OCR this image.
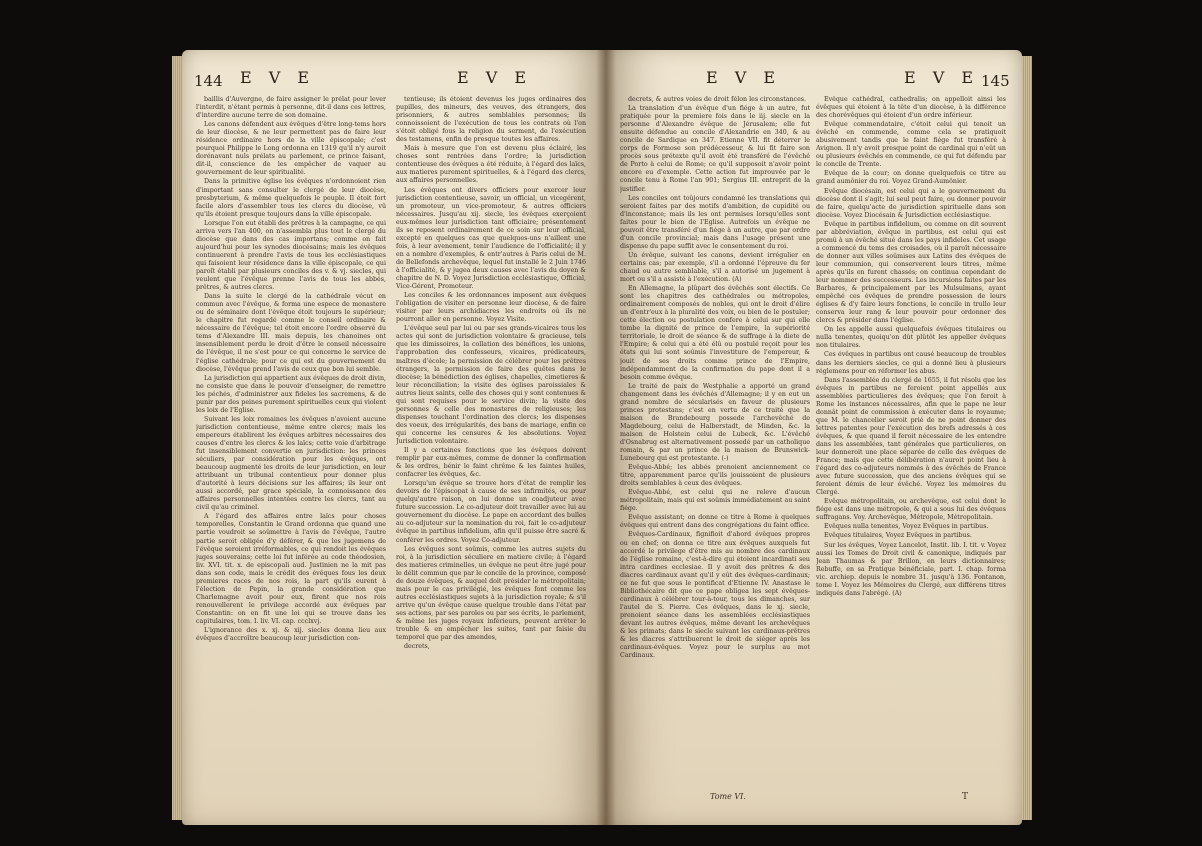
144 E V E	E V E

baillis d'Auvergne, de faire assigner le prélat pour lever l'interdit, n'étant permis à personne, dit-il dans ces lettres, d'interdire aucune terre de son domaine.

Les canons défendent aux évêques d'être long-tems hors de leur diocèse, & ne leur permettent pas de faire leur résidence ordinaire hors de la ville épiscopale; c'est pourquoi Philippe le Long ordonna en 1319 qu'il n'y auroit dorénavant nuls prélats au parlement, ce prince faisant, dit-il, conscience de les empêcher de vaquer au gouvernement de leur spiritualité.

Dans la primitive église les évêques n'ordonnoient rien d'important sans consulter le clergé de leur diocèse, presbyterium, & même quelquefois le peuple. Il étoit fort facile alors d'assembler tous les clercs du diocèse, vû qu'ils étoient presque toujours dans la ville épiscopale.

Lorsque l'on eut établi des prêtres à la campagne, ce qui arriva vers l'an 400, on n'assembla plus tout le clergé du diocèse que dans des cas importans; comme on fait aujourd'hui pour les synodes diocésains; mais les évêques continuerent à prendre l'avis de tous les ecclésiastiques qui faisoient leur résidence dans la ville épiscopale, ce qui paroît établi par plusieurs conciles des v. & vj. siecles, qui veulent que l'évêque prenne l'avis de tous les abbés, prêtres, & autres clercs.

Dans la suite le clergé de la cathédrale vécut en commun avec l'évêque, & forma une espece de monastere ou de séminaire dont l'évêque étoit toujours le supérieur; le chapitre fut regardé comme le conseil ordinaire & nécessaire de l'évêque; tel étoit encore l'ordre observé du tems d'Alexandre III. mais depuis, les chanoines ont insensiblement perdu le droit d'être le conseil nécessaire de l'évêque, il ne s'est pour ce qui concerne le service de l'église cathédrale; pour ce qui est du gouvernement du diocèse, l'évêque prend l'avis de ceux que bon lui semble.

La jurisdiction qui appartient aux évêques de droit divin, ne consiste que dans le pouvoir d'enseigner, de remettre les péchés, d'administrer aux fideles les sacremens, & de punir par des peines purement spirituelles ceux qui violent les loix de l'Eglise.

Suivant les loix romaines les évêques n'avoient aucune jurisdiction contentieuse, même entre clercs; mais les empereurs établirent les évêques arbitres nécessaires des causes d'entre les clercs & les laïcs; cette voie d'arbitrage fut insensiblement convertie en jurisdiction: les princes séculiers, par considération pour les évêques, ont beaucoup augmenté les droits de leur jurisdiction, en leur attribuant un tribunal contentieux pour donner plus d'autorité à leurs décisions sur les affaires; ils leur ont aussi accordé, par grace spéciale, la connoissance des affaires personnelles intentées contre les clercs, tant au civil qu'au criminel.

A l'égard des affaires entre laïcs pour choses temporelles, Constantin le Grand ordonna que quand une partie voudroit se soûmettre à l'avis de l'évêque, l'autre partie seroit obligée d'y déférer, & que les jugemens de l'évêque seroient irréformables, ce qui rendoit les évêques juges souverains; cette loi fut inférée au code théodosien, liv. XVI. tit. x. de episcopali aud. Justinien ne la mit pas dans son code, mais le crédit des évêques fous les deux premieres races de nos rois, la part qu'ils eurent à l'élection de Pepin, la grande considération que Charlemagne avoit pour eux, firent que nos rois renouvellerent le privilege accordé aux évêques par Constantin: on en fit une loi qui se trouve dans les capitulaires, tom. I. liv. VI. cap. ccclxvj.

L'ignorance des x. xj. & xij. siecles donna lieu aux évêques d'accroître beaucoup leur jurisdiction con-

tentieuse; ils étoient devenus les juges ordinaires des pupilles, des mineurs, des veuves, des étrangers, des prisonniers, & autres semblables personnes; ils connoissoient de l'exécution de tous les contrats où l'on s'étoit obligé fous la religion du serment, de l'exécution des testamens, enfin de presque toutes les affaires.

Mais à mesure que l'on est devenu plus éclairé, les choses sont rentrées dans l'ordre; la jurisdiction contentieuse des évêques a été réduite, à l'égard des laïcs, aux matieres purement spirituelles, & à l'égard des clercs, aux affaires personnelles.

Les évêques ont divers officiers pour exercer leur jurisdiction contentieuse, savoir, un official, un vicegérent, un promoteur, un vice-promoteur, & autres officiers nécessaires. Jusqu'au xij. siecle, les évêques exerçoient eux-mêmes leur jurisdiction tant officiaire; présentement ils se reposent ordinairement de ce soin sur leur official, excepté en quelques cas que quelques-uns n'aillent une fois, à leur avenement, tenir l'audience de l'officialité; il y en a nombre d'exemples, & entr'autres à Paris celui de M. de Bellefonds archevêque, lequel fut installé le 2 Juin 1746 à l'officialité, & y jugea deux causes avec l'avis du doyen & chapitre de N. D. Voyez Jurisdiction ecclésiastique, Official, Vice-Gérent, Promoteur.

Les conciles & les ordonnances imposent aux évêques l'obligation de visiter en personne leur diocèse, & de faire visiter par leurs archidiacres les endroits où ils ne pourront aller en personne. Voyez Visite.

L'évêque seul par lui ou par ses grands-vicaires tous les actes qui sont de jurisdiction volontaire & gracieuse, tels que les dimissoires, la collation des bénéfices, les unions, l'approbation des confesseurs, vicaires, prédicateurs, maîtres d'école; la permission de célébrer pour les prêtres étrangers, la permission de faire des quêtes dans le diocèse; la bénédiction des églises, chapelles, cimetieres & leur réconciliation; la visite des églises paroissiales & autres lieux saints, celle des choses qui y sont contenues & qui sont requises pour le service divin; la visite des personnes & celle des monasteres de religieuses; les dispenses touchant l'ordination des clercs; les dispenses des voeux, des irrégularités, des bans de mariage, enfin ce qui concerne les censures & les absolutions. Voyez Jurisdiction volontaire.

Il y a certaines fonctions que les évêques doivent remplir par eux-mêmes, comme de donner la confirmation & les ordres, bénir le faint chrême & les faintes huiles, confacrer les évêques, &c.

Lorsqu'un évêque se trouve hors d'état de remplir les devoirs de l'épiscopat à cause de ses infirmités, ou pour quelqu'autre raison, on lui donne un coadjuteur avec future succession. Le co-adjuteur doit travailler avec lui au gouvernement du diocèse. Le pape en accordant des bulles au co-adjuteur sur la nomination du roi, fait le co-adjuteur évêque in partibus infidelium, afin qu'il puisse être sacré & conférer les ordres. Voyez Co-adjuteur.

Les évêques sont soûmis, comme les autres sujets du roi, à la jurisdiction séculiere en matiere civile; à l'égard des matieres criminelles, un évêque ne peut être jugé pour le délit commun que par le concile de la province, composé de douze évêques, & auquel doit présider le métropolitain; mais pour le cas privilégié, les évêques font comme les autres ecclésiastiques sujets à la jurisdiction royale; & s'il arrive qu'un évêque cause quelque trouble dans l'état par ses actions, par ses paroles ou par ses écrits, le parlement, & même les juges royaux inférieurs, peuvent arrêter le trouble & en empêcher les suites, tant par faisie du temporel que par des amendes,

decrets,

E V E	E V E 145

decrets, & autres voies de droit félon les circonstances.

La translation d'un évêque d'un fiége à un autre, fut pratiquée pour la premiere fois dans le iij. siecle en la personne d'Alexandre évêque de Jérusalem; elle fut ensuite défendue au concile d'Alexandrie en 340, & au concile de Sardique en 347. Etienne VII. fit déterrer le corps de Formose son prédécesseur, & lui fit faire son procès sous prétexte qu'il avoit été transféré de l'évêché de Porto à celui de Rome; ce qu'il supposoit n'avoir point encore eu d'exemple. Cette action fut improuvée par le concile tenu à Rome l'an 901; Sergius III. entreprit de la justifier.

Les conciles ont toûjours condamné les translations qui seroient faites par des motifs d'ambition, de cupidité ou d'inconstance; mais ils les ont permises lorsqu'elles sont faites pour le bien de l'Eglise. Autrefois un évêque ne pouvoit être transféré d'un fiége à un autre, que par ordre d'un concile provincial; mais dans l'usage présent une dispense du pape suffit avec le consentement du roi.

Un évêque, suivant les canons, devient irrégulier en certains cas; par exemple, s'il a ordonné l'épreuve du fer chaud ou autre semblable, s'il a autorisé un jugement à mort ou s'il a assisté à l'exécution. (A)

En Allemagne, la plûpart des évêchés sont électifs. Ce sont les chapitres des cathédrales ou métropoles, ordinairement composés de nobles, qui ont le droit d'élire un d'entr'eux à la pluralité des voix, ou bien de le postuler; cette élection ou postulation confere à celui sur qui elle tombe la dignité de prince de l'empire, la supériorité territoriale, le droit de séance & de suffrage à la diete de l'Empire; & celui qui a été élû ou postulé reçoit pour les états qui lui sont soûmis l'investiture de l'empereur, & jouit de ses droits comme prince de l'Empire, indépendamment de la confirmation du pape dont il a besoin comme évêque.

Le traité de paix de Westphalie a apporté un grand changement dans les évêchés d'Allemagne; il y en eut un grand nombre de sécularisés en faveur de plusieurs princes protestans; c'est en vertu de ce traité que la maison de Brandebourg possede l'archevêché de Magdebourg, celui de Halberstadt, de Minden, &c. la maison de Holstein celui de Lubeck, &c. L'évêché d'Osnabrug est alternativement possedé par un catholique romain, & par un prince de la maison de Brunswick-Lunebourg qui est protestante. (-)

Evêque-Abbé; les abbés prenoient anciennement ce titre, apparemment parce qu'ils jouissoient de plusieurs droits semblables à ceux des évêques.

Evêque-Abbé, est celui qui ne releve d'aucun métropolitain, mais qui est soûmis immédiatement au saint fiége.

Evêque assistant; on donne ce titre à Rome à quelques évêques qui entrent dans des congrégations du faint office.

Evêques-Cardinaux, fignifioit d'abord évêques propres ou en chef; on donna ce titre aux évêques auxquels fut accordé le privilege d'être mis au nombre des cardinaux de l'église romaine, c'est-à-dire qui étoient incardinati seu intra cardines ecclesiae. Il y avoit des prêtres & des diacres cardinaux avant qu'il y eût des évêques-cardinaux; ce ne fut que sous le pontificat d'Etienne IV. Anastase le Bibliothécaire dit que ce pape obligea les sept évêques-cardinaux à célébrer tour-à-tour, tous les dimanches, sur l'autel de S. Pierre. Ces évêques, dans le xj. siecle, prenoient séance dans les assemblées ecclésiastiques devant les autres évêques, même devant les archevêques & les primats; dans le siecle suivant les cardinaux-prêtres & les diacres s'attribuerent le droit de siéger après les cardinaux-évêques. Voyez pour le surplus au mot Cardinaux.

Evêque cathédral, cathedralis; on appelloit ainsi les évêques qui étoient à la tête d'un diocèse, à la différence des chorévêques qui étoient d'un ordre inférieur.

Evêque commendataire, c'étoit celui qui tenoit un évêché en commende, comme cela se pratiquoit abusivement tandis que le faint fiége fut transféré à Avignon. Il n'y avoit presque point de cardinal qui n'eût un ou plusieurs évêchés en commende, ce qui fut défendu par le concile de Trente.

Evêque de la cour; on donne quelquefois ce titre au grand aumônier du roi. Voyez Grand-Aumônier.

Evêque diocésain, est celui qui a le gouvernement du diocèse dont il s'agit; lui seul peut faire, ou donner pouvoir de faire, quelqu'acte de jurisdiction spirituelle dans son diocèse. Voyez Diocésain & Jurisdiction ecclésiastique.

Evêque in partibus infidelium, ou comme on dit souvent par abbréviation, évêque in partibus, est celui qui est promû à un évêché situé dans les pays infideles. Cet usage a commencé du tems des croisades, où il paroît nécessaire de donner aux villes soûmises aux Latins des évêques de leur communion, qui conserverent leurs titres, même après qu'ils en furent chassés; on continua cependant de leur nommer des successeurs. Les incursions faites par les Barbares, & principalement par les Mulsulmans, ayant empêché ces évêques de prendre possession de leurs églises & d'y faire leurs fonctions, le concile in trullo leur conserva leur rang & leur pouvoir pour ordonner des clercs & présider dans l'église.

On les appelle aussi quelquefois évêques titulaires ou nulla tenentes, quoiqu'on dût plûtôt les appeller évêques non titulaires.

Ces évêques in partibus ont causé beaucoup de troubles dans les derniers siecles, ce qui a donné lieu à plusieurs réglemens pour en réformer les abus.

Dans l'assemblée du clergé de 1655, il fut résolu que les évêques in partibus ne feroient point appellés aux assemblées particulieres des évêques; que l'on feroit à Rome les instances nécessaires, afin que le pape ne leur donnât point de commission à exécuter dans le royaume; que M. le chancelier seroit prié de ne point donner des lettres patentes pour l'exécution des brefs adressés à ces évêques, & que quand il feroit nécessaire de les entendre dans les assemblées, tant générales que particulieres, on leur donneroit une place séparée de celle des évêques de France; mais que cette délibération n'auroit point lieu à l'égard des co-adjuteurs nommés à des évêchés de France avec future succession, que des anciens évêques qui se feroient démis de leur évêché. Voyez les mémoires du Clergé.

Evêque métropolitain, ou archevêque, est celui dont le fiége est dans une métropole, & qui a sous lui des évêques suffragans. Voy. Archevêque, Métropole, Métropolitain.

Evêques nulla tenentes, Voyez Evêques in partibus.

Evêques titulaires, Voyez Evêques in partibus.

Sur les évêques, Voyez Lancelot, Instit. lib. I. tit. v. Voyez aussi les Tomes de Droit civil & canonique, indiqués par Jean Thaumas & par Brillon, en leurs dictionnaires; Rebuffe, en sa Pratique bénéficiale, part. I. chap. forma vic. archiep. depuis le nombre 31. jusqu'à 136. Fontanon, tome I. Voyez les Mémoires du Clergé, aux différens titres indiqués dans l'abrégé. (A)

Tome VI.	T
